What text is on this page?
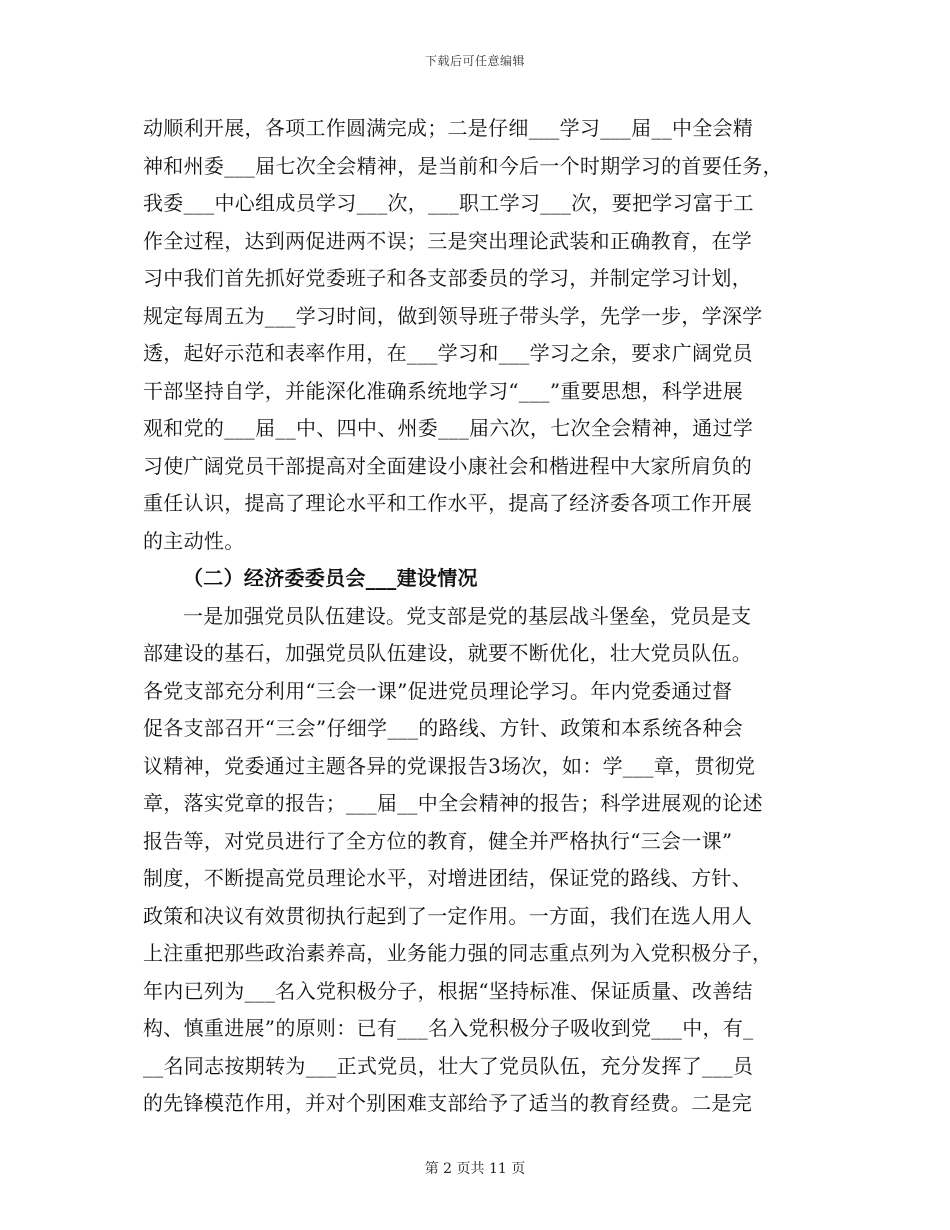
下载后可任意编辑
动顺利开展，各项工作圆满完成；二是仔细___学习___届__中全会精
神和州委___届七次全会精神，是当前和今后一个时期学习的首要任务，
我委___中心组成员学习___次，___职工学习___次，要把学习富于工
作全过程，达到两促进两不误；三是突出理论武装和正确教育，在学
习中我们首先抓好党委班子和各支部委员的学习，并制定学习计划，
规定每周五为___学习时间，做到领导班子带头学，先学一步，学深学
透，起好示范和表率作用，在___学习和___学习之余，要求广阔党员
干部坚持自学，并能深化准确系统地学习“___”重要思想，科学进展
观和党的___届__中、四中、州委___届六次，七次全会精神，通过学
习使广阔党员干部提高对全面建设小康社会和楷进程中大家所肩负的
重任认识，提高了理论水平和工作水平，提高了经济委各项工作开展
的主动性。
（二）经济委委员会___建设情况
一是加强党员队伍建设。党支部是党的基层战斗堡垒，党员是支
部建设的基石，加强党员队伍建设，就要不断优化，壮大党员队伍。
各党支部充分利用“三会一课”促进党员理论学习。年内党委通过督
促各支部召开“三会”仔细学___的路线、方针、政策和本系统各种会
议精神，党委通过主题各异的党课报告3场次，如：学___章，贯彻党
章，落实党章的报告；___届__中全会精神的报告；科学进展观的论述
报告等，对党员进行了全方位的教育，健全并严格执行“三会一课”
制度，不断提高党员理论水平，对增进团结，保证党的路线、方针、
政策和决议有效贯彻执行起到了一定作用。一方面，我们在选人用人
上注重把那些政治素养高，业务能力强的同志重点列为入党积极分子，
年内已列为___名入党积极分子，根据“坚持标准、保证质量、改善结
构、慎重进展”的原则：已有___名入党积极分子吸收到党___中，有_
__名同志按期转为___正式党员，壮大了党员队伍，充分发挥了___员
的先锋模范作用，并对个别困难支部给予了适当的教育经费。二是完
第 2 页共 11 页
